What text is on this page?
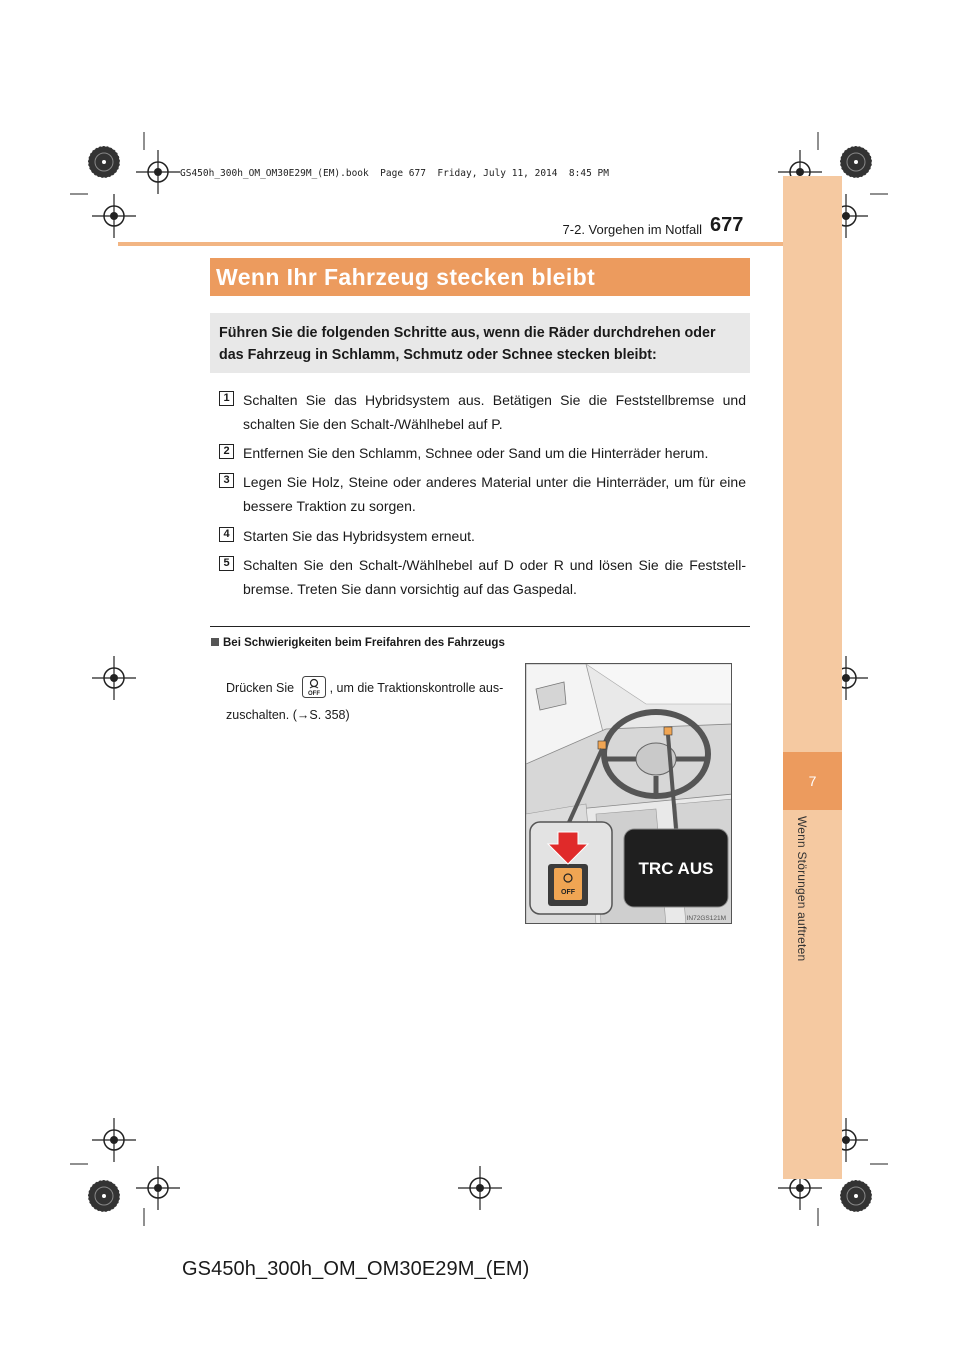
GS450h_300h_OM_OM30E29M_(EM).book  Page 677  Friday, July 11, 2014  8:45 PM
7
Wenn Störungen auftreten
7-2. Vorgehen im Notfall 677
Wenn Ihr Fahrzeug stecken bleibt
Führen Sie die folgenden Schritte aus, wenn die Räder durchdrehen oder das Fahrzeug in Schlamm, Schmutz oder Schnee stecken bleibt:
1 Schalten Sie das Hybridsystem aus. Betätigen Sie die Feststellbremse und schalten Sie den Schalt-/Wählhebel auf P.
2 Entfernen Sie den Schlamm, Schnee oder Sand um die Hinterräder herum.
3 Legen Sie Holz, Steine oder anderes Material unter die Hinterräder, um für eine bessere Traktion zu sorgen.
4 Starten Sie das Hybridsystem erneut.
5 Schalten Sie den Schalt-/Wählhebel auf D oder R und lösen Sie die Feststell-bremse. Treten Sie dann vorsichtig auf das Gaspedal.
Bei Schwierigkeiten beim Freifahren des Fahrzeugs
Drücken Sie OFF , um die Traktionskontrolle aus-
zuschalten. (→S. 358)
OFF
TRC AUS
IN72GS121M
GS450h_300h_OM_OM30E29M_(EM)
